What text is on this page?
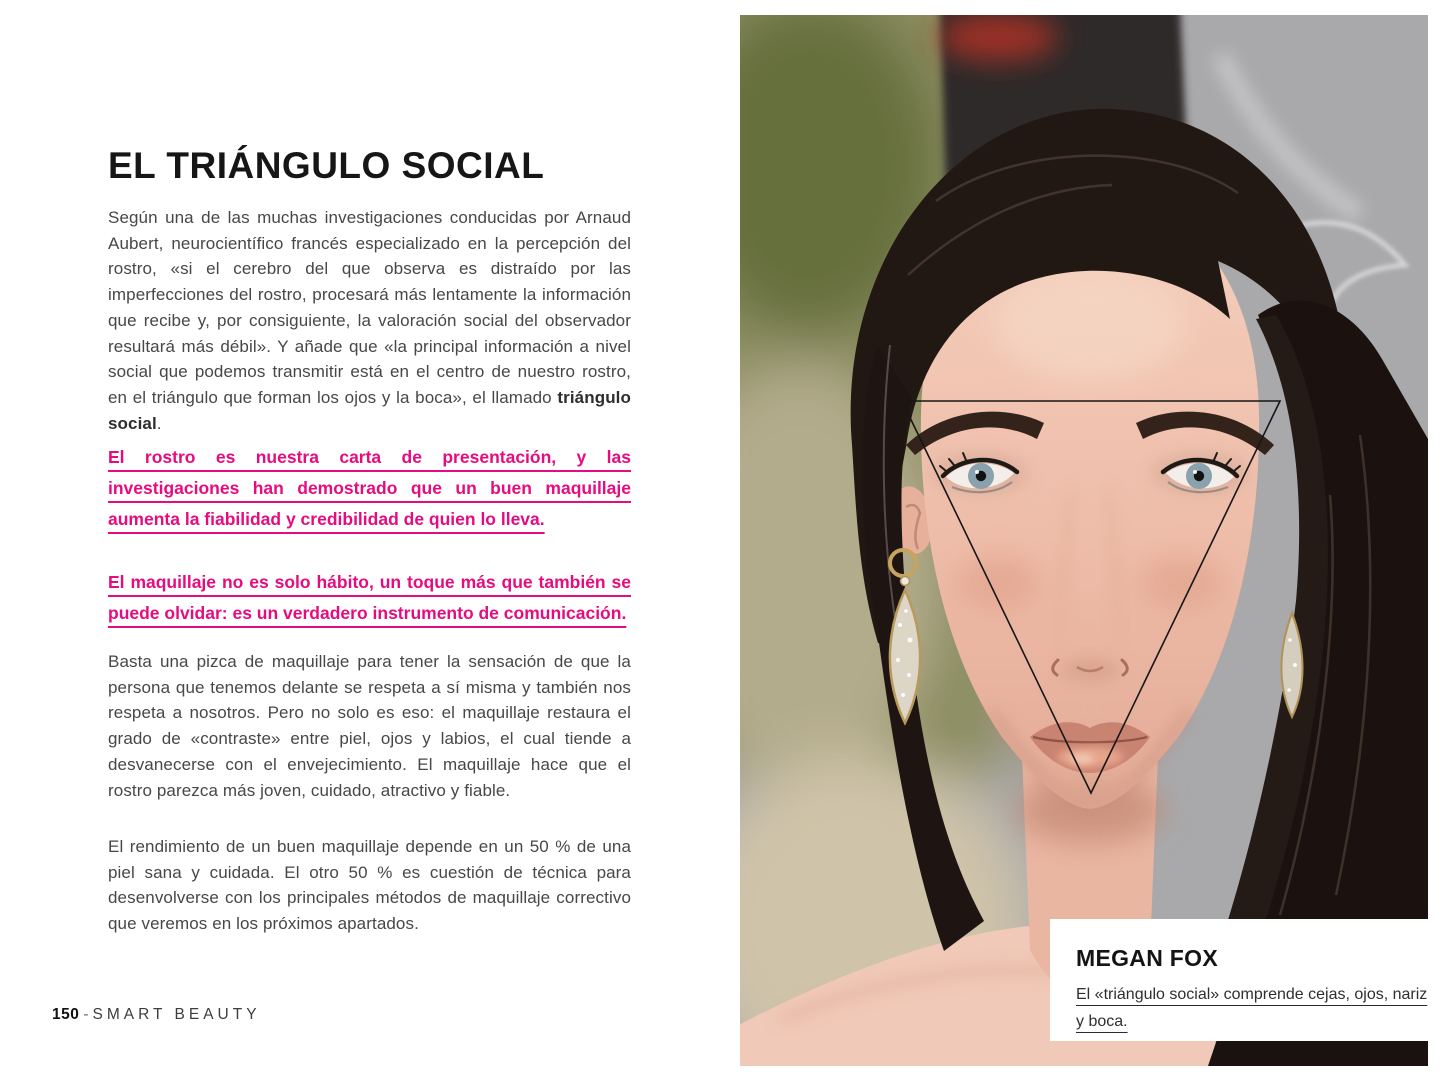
EL TRIÁNGULO SOCIAL

Según una de las muchas investigaciones conducidas por Arnaud Aubert, neurocientífico francés especializado en la percepción del rostro, «si el cerebro del que observa es distraído por las imperfecciones del rostro, procesará más lentamente la información que recibe y, por consiguiente, la valoración social del observador resultará más débil». Y añade que «la principal información a nivel social que podemos transmitir está en el centro de nuestro rostro, en el triángulo que forman los ojos y la boca», el llamado triángulo social.

El rostro es nuestra carta de presentación, y las investigaciones han demostrado que un buen maquillaje aumenta la fiabilidad y credibilidad de quien lo lleva.

El maquillaje no es solo hábito, un toque más que también se puede olvidar: es un verdadero instrumento de comunicación.

Basta una pizca de maquillaje para tener la sensación de que la persona que tenemos delante se respeta a sí misma y también nos respeta a nosotros. Pero no solo es eso: el maquillaje restaura el grado de «contraste» entre piel, ojos y labios, el cual tiende a desvanecerse con el envejecimiento. El maquillaje hace que el rostro parezca más joven, cuidado, atractivo y fiable.

El rendimiento de un buen maquillaje depende en un 50 % de una piel sana y cuidada. El otro 50 % es cuestión de técnica para desenvolverse con los principales métodos de maquillaje correctivo que veremos en los próximos apartados.

150 - SMART BEAUTY
MEGAN FOX
El «triángulo social» comprende cejas, ojos, nariz y boca.
